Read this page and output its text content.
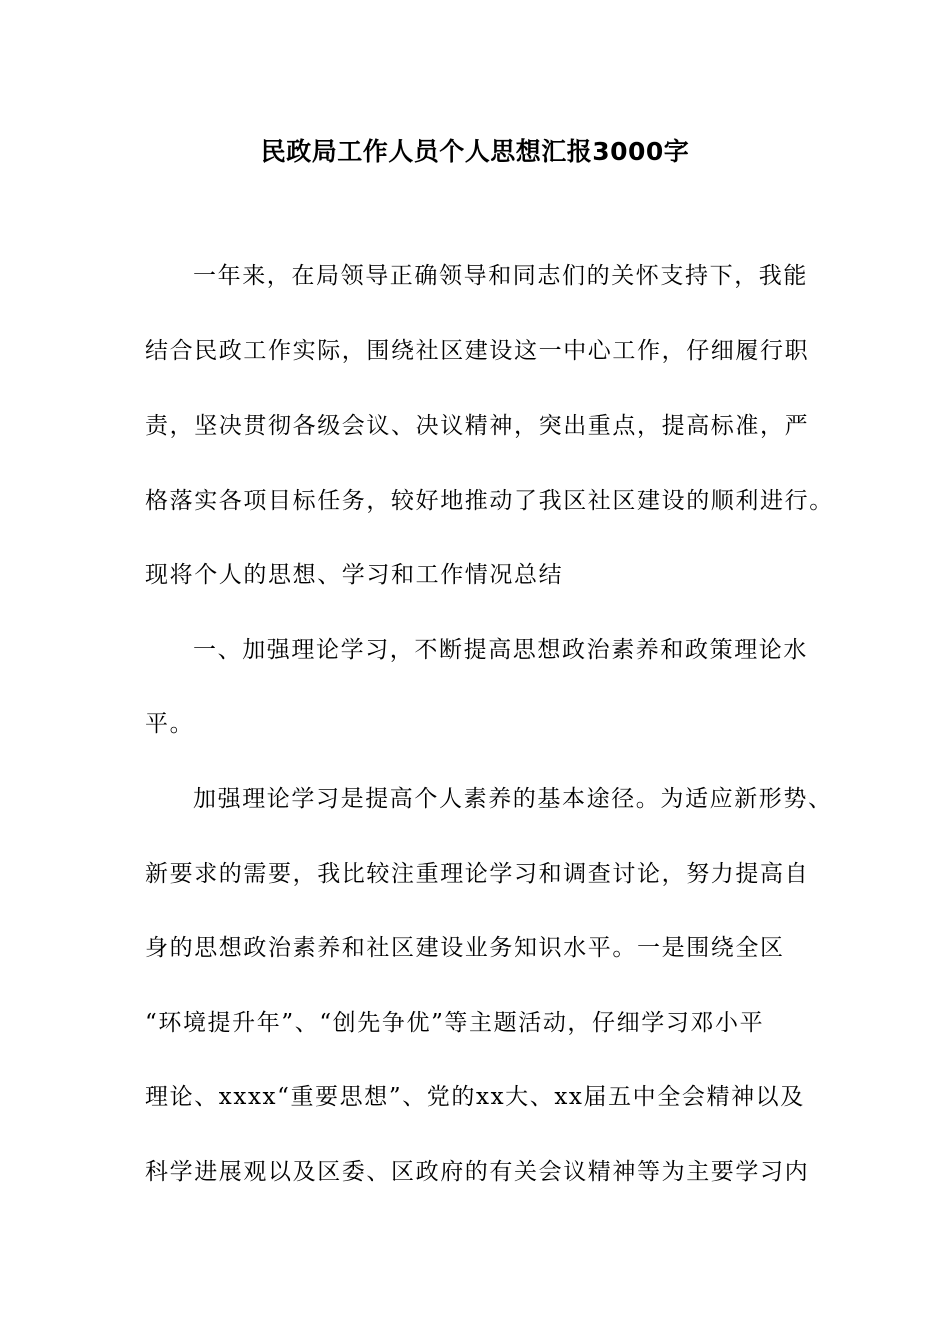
民政局工作人员个人思想汇报3000字
一年来，在局领导正确领导和同志们的关怀支持下，我能
结合民政工作实际，围绕社区建设这一中心工作，仔细履行职
责，坚决贯彻各级会议、决议精神，突出重点，提高标准，严
格落实各项目标任务，较好地推动了我区社区建设的顺利进行。
现将个人的思想、学习和工作情况总结
一、加强理论学习，不断提高思想政治素养和政策理论水
平。
加强理论学习是提高个人素养的基本途径。为适应新形势、
新要求的需要，我比较注重理论学习和调查讨论，努力提高自
身的思想政治素养和社区建设业务知识水平。一是围绕全区
“环境提升年”、“创先争优”等主题活动，仔细学习邓小平
理论、xxxx“重要思想”、党的xx大、xx届五中全会精神以及
科学进展观以及区委、区政府的有关会议精神等为主要学习内
